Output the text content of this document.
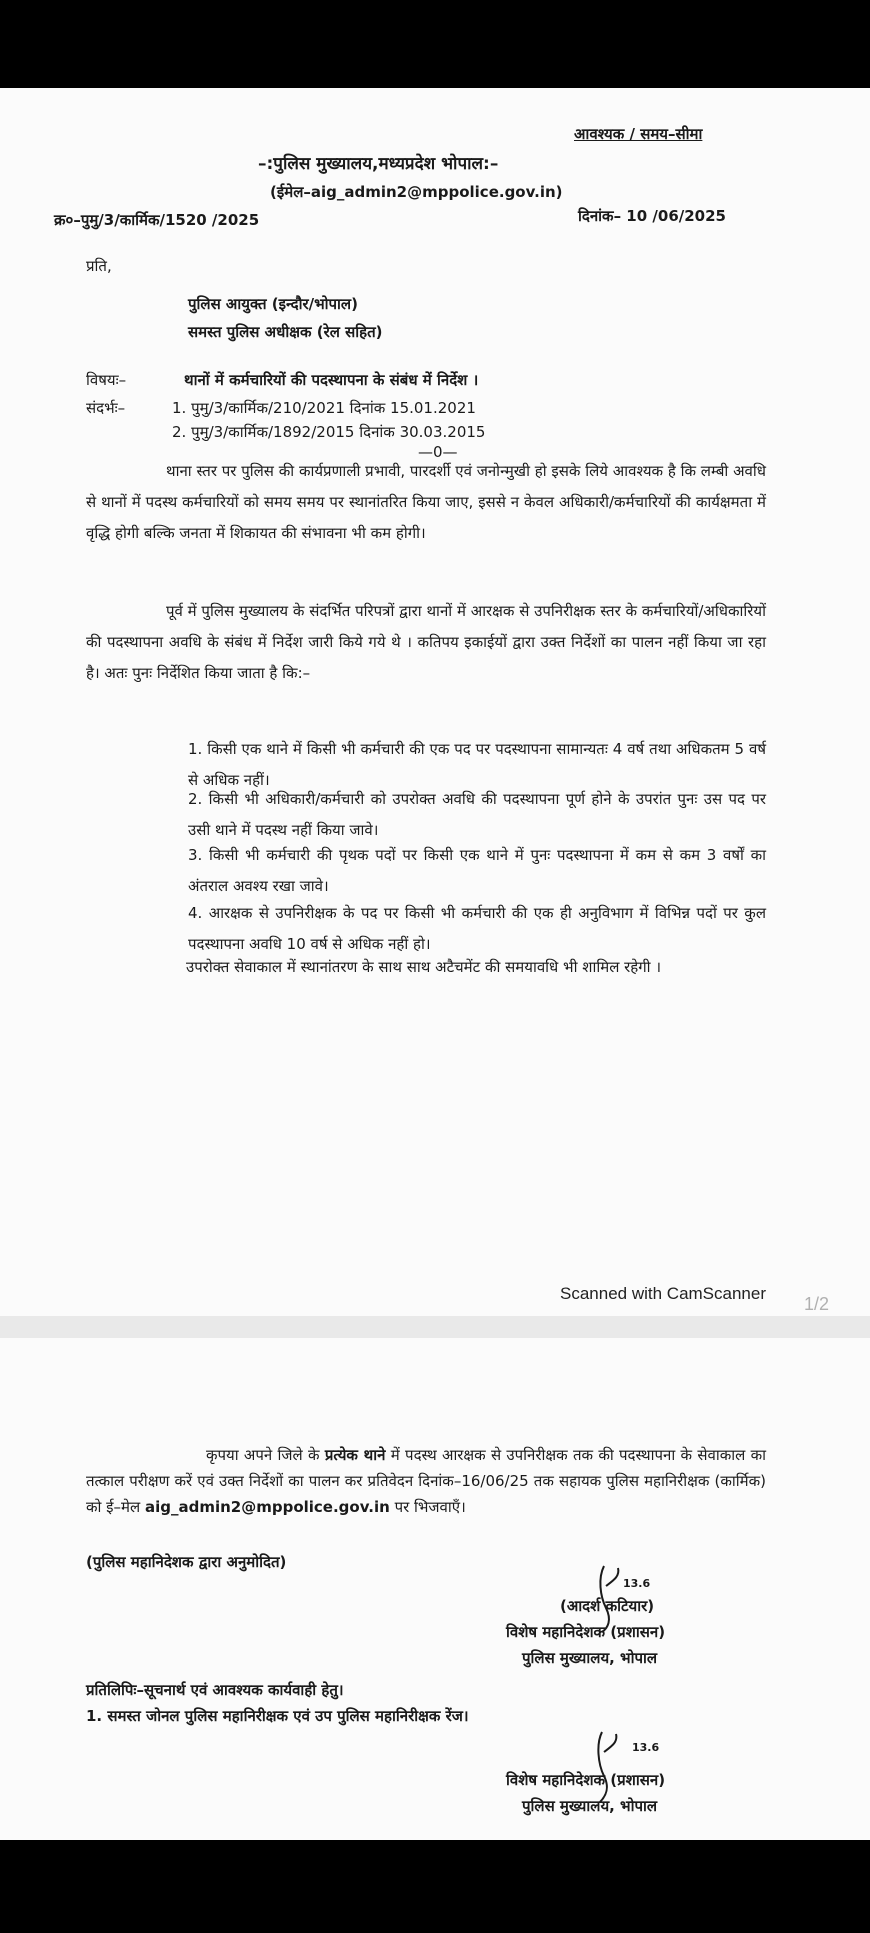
आवश्यक / समय–सीमा
–:पुलिस मुख्यालय,मध्यप्रदेश भोपाल:–
(ईमेल–aig_admin2@mppolice.gov.in)
क्र०–पुमु/3/कार्मिक/1520 /2025	दिनांक– 10 /06/2025
प्रति,
पुलिस आयुक्त (इन्दौर/भोपाल)
समस्त पुलिस अधीक्षक (रेल सहित)
विषयः–	थानों में कर्मचारियों की पदस्थापना के संबंध में निर्देश ।
संदर्भः–	1. पुमु/3/कार्मिक/210/2021 दिनांक 15.01.2021
2. पुमु/3/कार्मिक/1892/2015 दिनांक 30.03.2015
—0—
थाना स्तर पर पुलिस की कार्यप्रणाली प्रभावी, पारदर्शी एवं जनोन्मुखी हो इसके लिये आवश्यक है कि लम्बी अवधि से थानों में पदस्थ कर्मचारियों को समय समय पर स्थानांतरित किया जाए, इससे न केवल अधिकारी/कर्मचारियों की कार्यक्षमता में वृद्धि होगी बल्कि जनता में शिकायत की संभावना भी कम होगी।
पूर्व में पुलिस मुख्यालय के संदर्भित परिपत्रों द्वारा थानों में आरक्षक से उपनिरीक्षक स्तर के कर्मचारियों/अधिकारियों की पदस्थापना अवधि के संबंध में निर्देश जारी किये गये थे । कतिपय इकाईयों द्वारा उक्त निर्देशों का पालन नहीं किया जा रहा है। अतः पुनः निर्देशित किया जाता है कि:–
1. किसी एक थाने में किसी भी कर्मचारी की एक पद पर पदस्थापना सामान्यतः 4 वर्ष तथा अधिकतम 5 वर्ष से अधिक नहीं।
2. किसी भी अधिकारी/कर्मचारी को उपरोक्त अवधि की पदस्थापना पूर्ण होने के उपरांत पुनः उस पद पर उसी थाने में पदस्थ नहीं किया जावे।
3. किसी भी कर्मचारी की पृथक पदों पर किसी एक थाने में पुनः पदस्थापना में कम से कम 3 वर्षों का अंतराल अवश्य रखा जावे।
4. आरक्षक से उपनिरीक्षक के पद पर किसी भी कर्मचारी की एक ही अनुविभाग में विभिन्न पदों पर कुल पदस्थापना अवधि 10 वर्ष से अधिक नहीं हो।
उपरोक्त सेवाकाल में स्थानांतरण के साथ साथ अटैचमेंट की समयावधि भी शामिल रहेगी ।
Scanned with CamScanner
1/2
कृपया अपने जिले के प्रत्येक थाने में पदस्थ आरक्षक से उपनिरीक्षक तक की पदस्थापना के सेवाकाल का तत्काल परीक्षण करें एवं उक्त निर्देशों का पालन कर प्रतिवेदन दिनांक–16/06/25 तक सहायक पुलिस महानिरीक्षक (कार्मिक) को ई–मेल aig_admin2@mppolice.gov.in पर भिजवाएँ।
(पुलिस महानिदेशक द्वारा अनुमोदित)
13.6
(आदर्श कटियार)
विशेष महानिदेशक (प्रशासन)
पुलिस मुख्यालय, भोपाल
प्रतिलिपिः–सूचनार्थ एवं आवश्यक कार्यवाही हेतु।
1. समस्त जोनल पुलिस महानिरीक्षक एवं उप पुलिस महानिरीक्षक रेंज।
13.6
विशेष महानिदेशक (प्रशासन)
पुलिस मुख्यालय, भोपाल
